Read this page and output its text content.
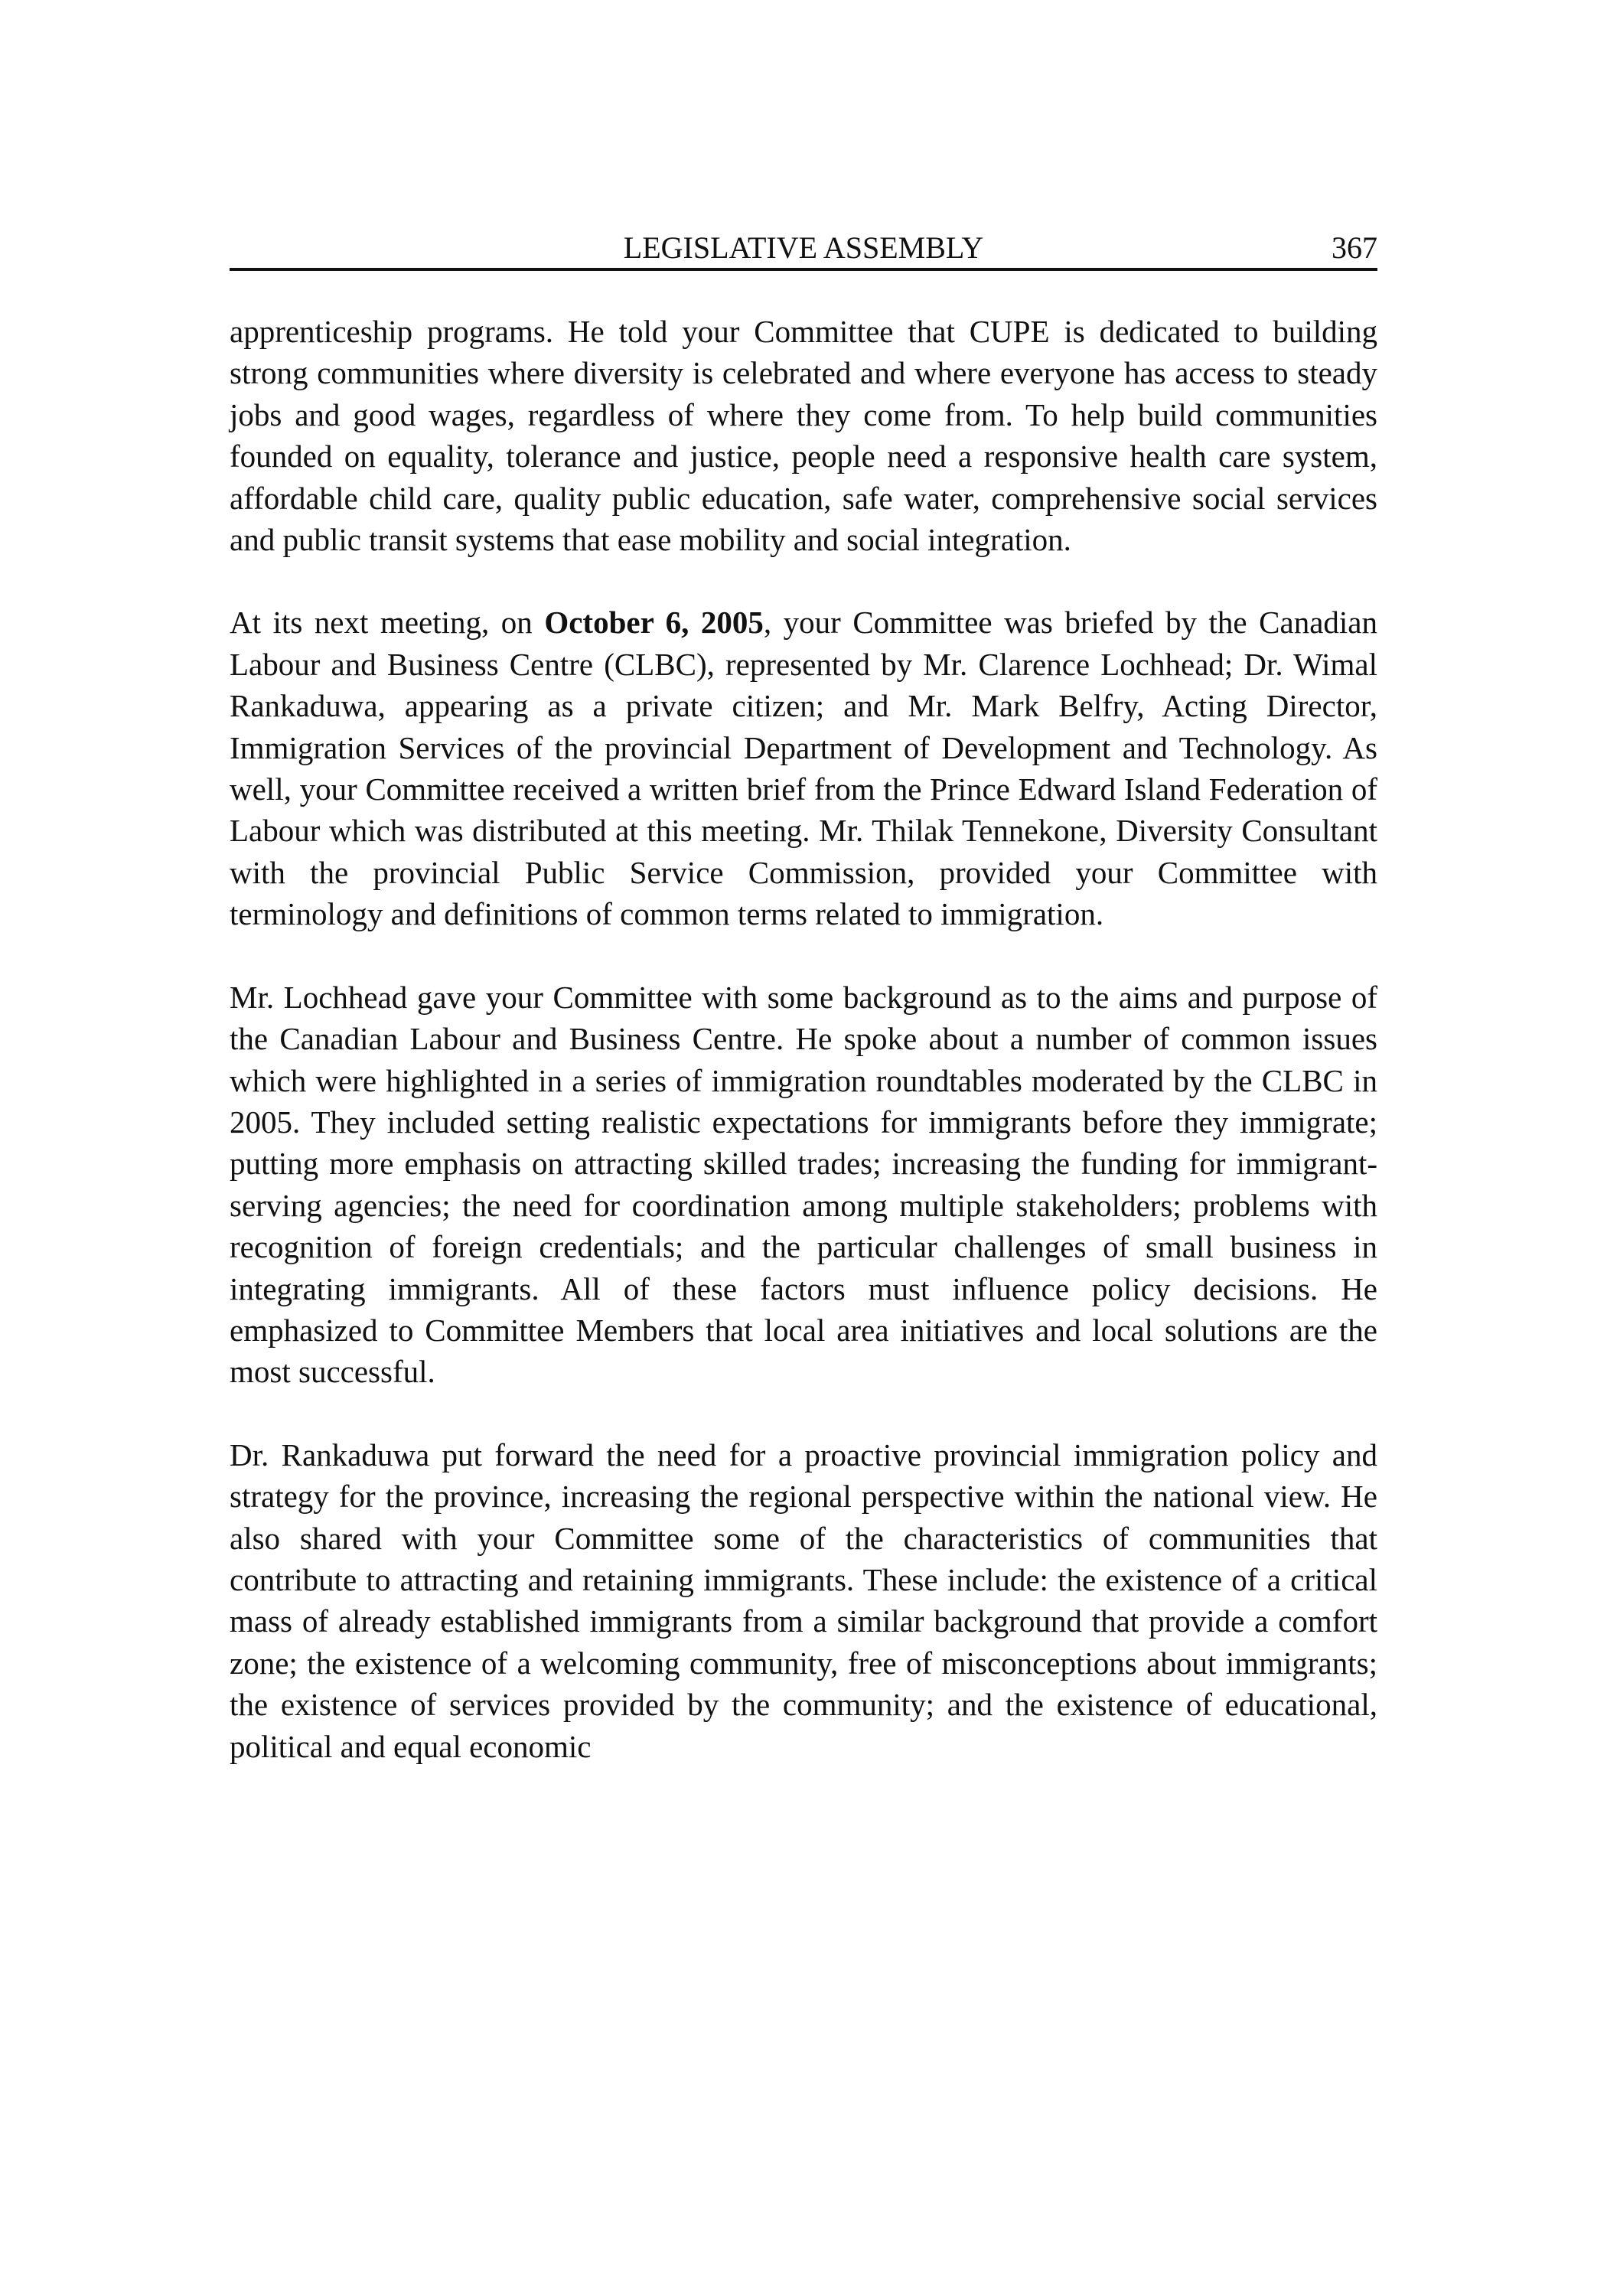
LEGISLATIVE ASSEMBLY	367

apprenticeship programs. He told your Committee that CUPE is dedicated to building strong communities where diversity is celebrated and where everyone has access to steady jobs and good wages, regardless of where they come from. To help build communities founded on equality, tolerance and justice, people need a responsive health care system, affordable child care, quality public education, safe water, comprehensive social services and public transit systems that ease mobility and social integration.

At its next meeting, on October 6, 2005, your Committee was briefed by the Canadian Labour and Business Centre (CLBC), represented by Mr. Clarence Lochhead; Dr. Wimal Rankaduwa, appearing as a private citizen; and Mr. Mark Belfry, Acting Director, Immigration Services of the provincial Department of Development and Technology. As well, your Committee received a written brief from the Prince Edward Island Federation of Labour which was distributed at this meeting. Mr. Thilak Tennekone, Diversity Consultant with the provincial Public Service Commission, provided your Committee with terminology and definitions of common terms related to immigration.

Mr. Lochhead gave your Committee with some background as to the aims and purpose of the Canadian Labour and Business Centre. He spoke about a number of common issues which were highlighted in a series of immigration roundtables moderated by the CLBC in 2005. They included setting realistic expectations for immigrants before they immigrate; putting more emphasis on attracting skilled trades; increasing the funding for immigrant-serving agencies; the need for coordination among multiple stakeholders; problems with recognition of foreign credentials; and the particular challenges of small business in integrating immigrants. All of these factors must influence policy decisions. He emphasized to Committee Members that local area initiatives and local solutions are the most successful.

Dr. Rankaduwa put forward the need for a proactive provincial immigration policy and strategy for the province, increasing the regional perspective within the national view. He also shared with your Committee some of the characteristics of communities that contribute to attracting and retaining immigrants. These include: the existence of a critical mass of already established immigrants from a similar background that provide a comfort zone; the existence of a welcoming community, free of misconceptions about immigrants; the existence of services provided by the community; and the existence of educational, political and equal economic
